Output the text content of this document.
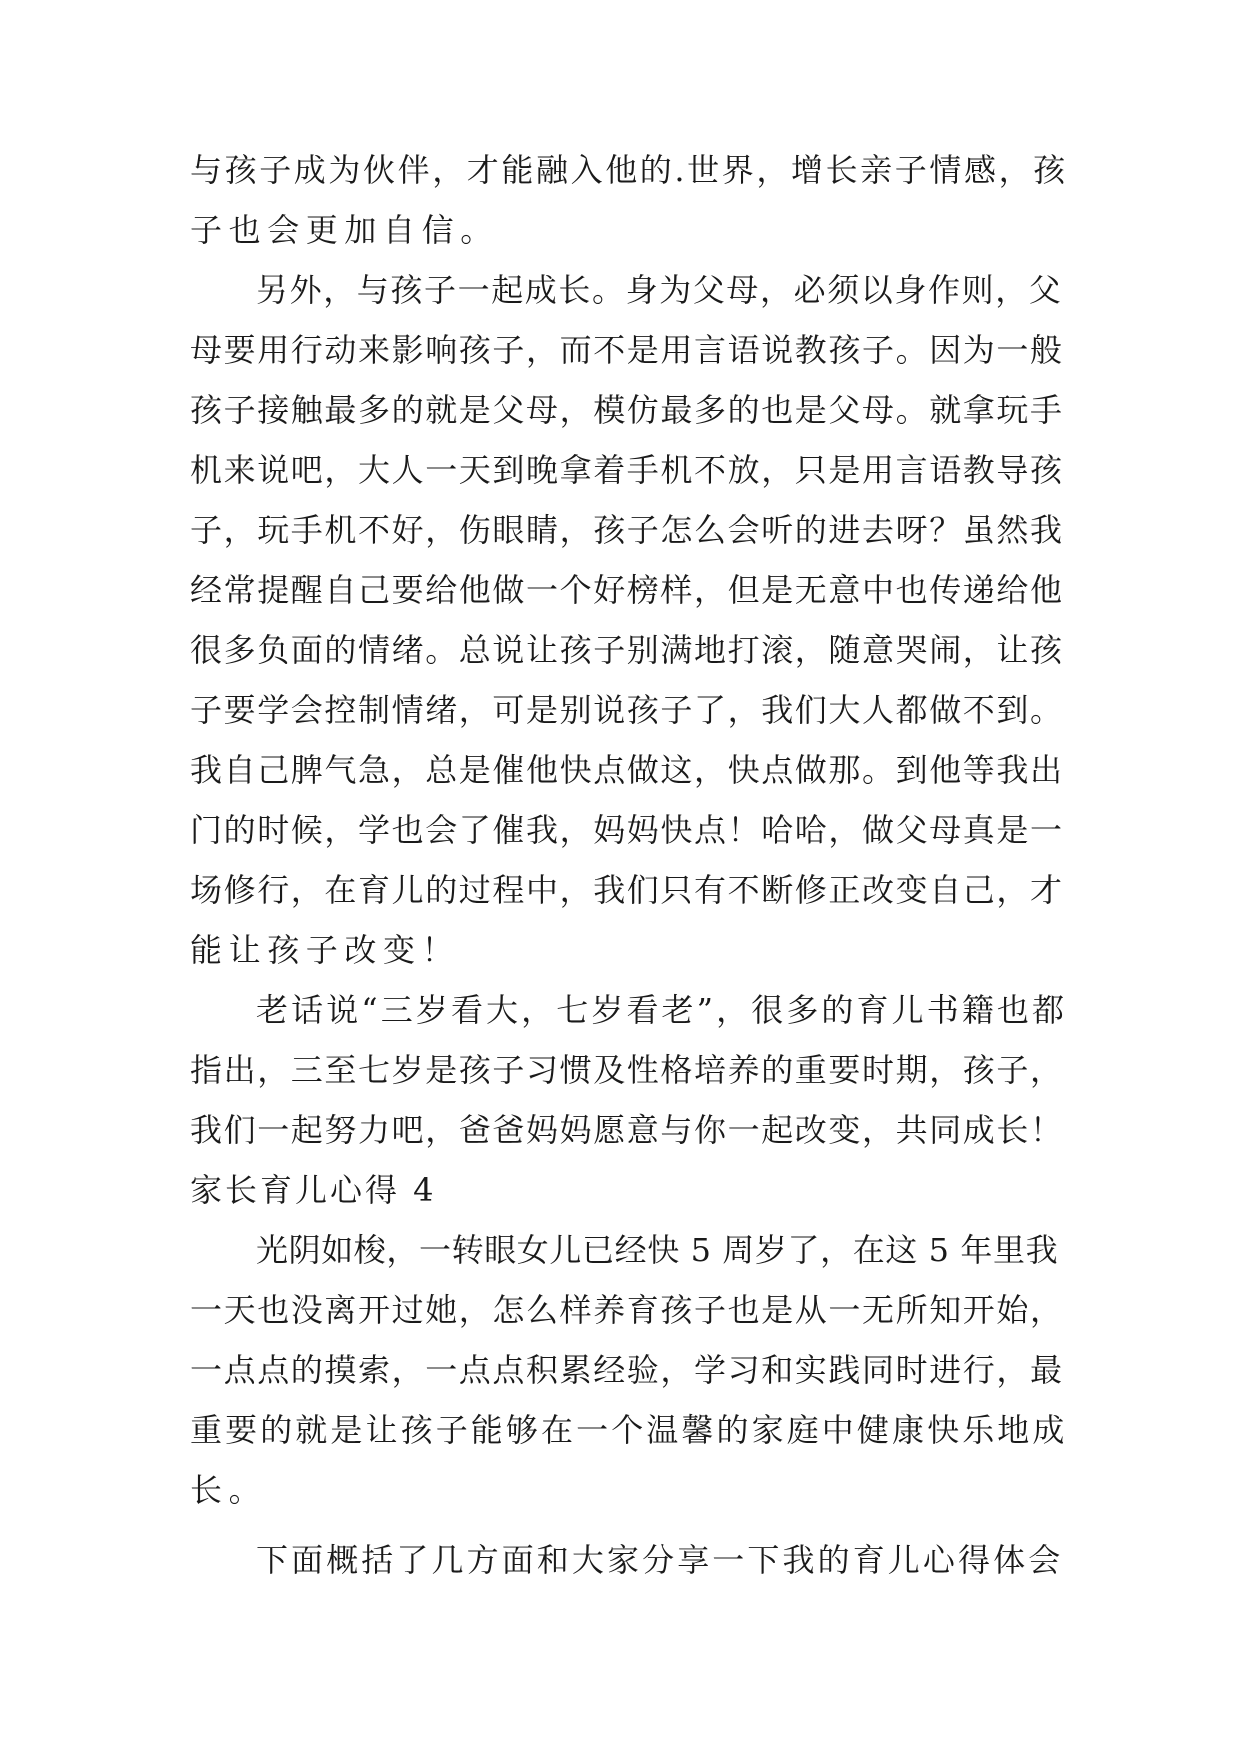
与孩子成为伙伴，才能融入他的.世界，增长亲子情感，孩
子也会更加自信。
另外，与孩子一起成长。身为父母，必须以身作则，父
母要用行动来影响孩子，而不是用言语说教孩子。因为一般
孩子接触最多的就是父母，模仿最多的也是父母。就拿玩手
机来说吧，大人一天到晚拿着手机不放，只是用言语教导孩
子，玩手机不好，伤眼睛，孩子怎么会听的进去呀？虽然我
经常提醒自己要给他做一个好榜样，但是无意中也传递给他
很多负面的情绪。总说让孩子别满地打滚，随意哭闹，让孩
子要学会控制情绪，可是别说孩子了，我们大人都做不到。
我自己脾气急，总是催他快点做这，快点做那。到他等我出
门的时候，学也会了催我，妈妈快点！哈哈，做父母真是一
场修行，在育儿的过程中，我们只有不断修正改变自己，才
能让孩子改变！
老话说“三岁看大，七岁看老”，很多的育儿书籍也都
指出，三至七岁是孩子习惯及性格培养的重要时期，孩子，
我们一起努力吧，爸爸妈妈愿意与你一起改变，共同成长！
家长育儿心得 4
光阴如梭，一转眼女儿已经快 5 周岁了，在这 5 年里我
一天也没离开过她，怎么样养育孩子也是从一无所知开始，
一点点的摸索，一点点积累经验，学习和实践同时进行，最
重要的就是让孩子能够在一个温馨的家庭中健康快乐地成
长。
下面概括了几方面和大家分享一下我的育儿心得体会
